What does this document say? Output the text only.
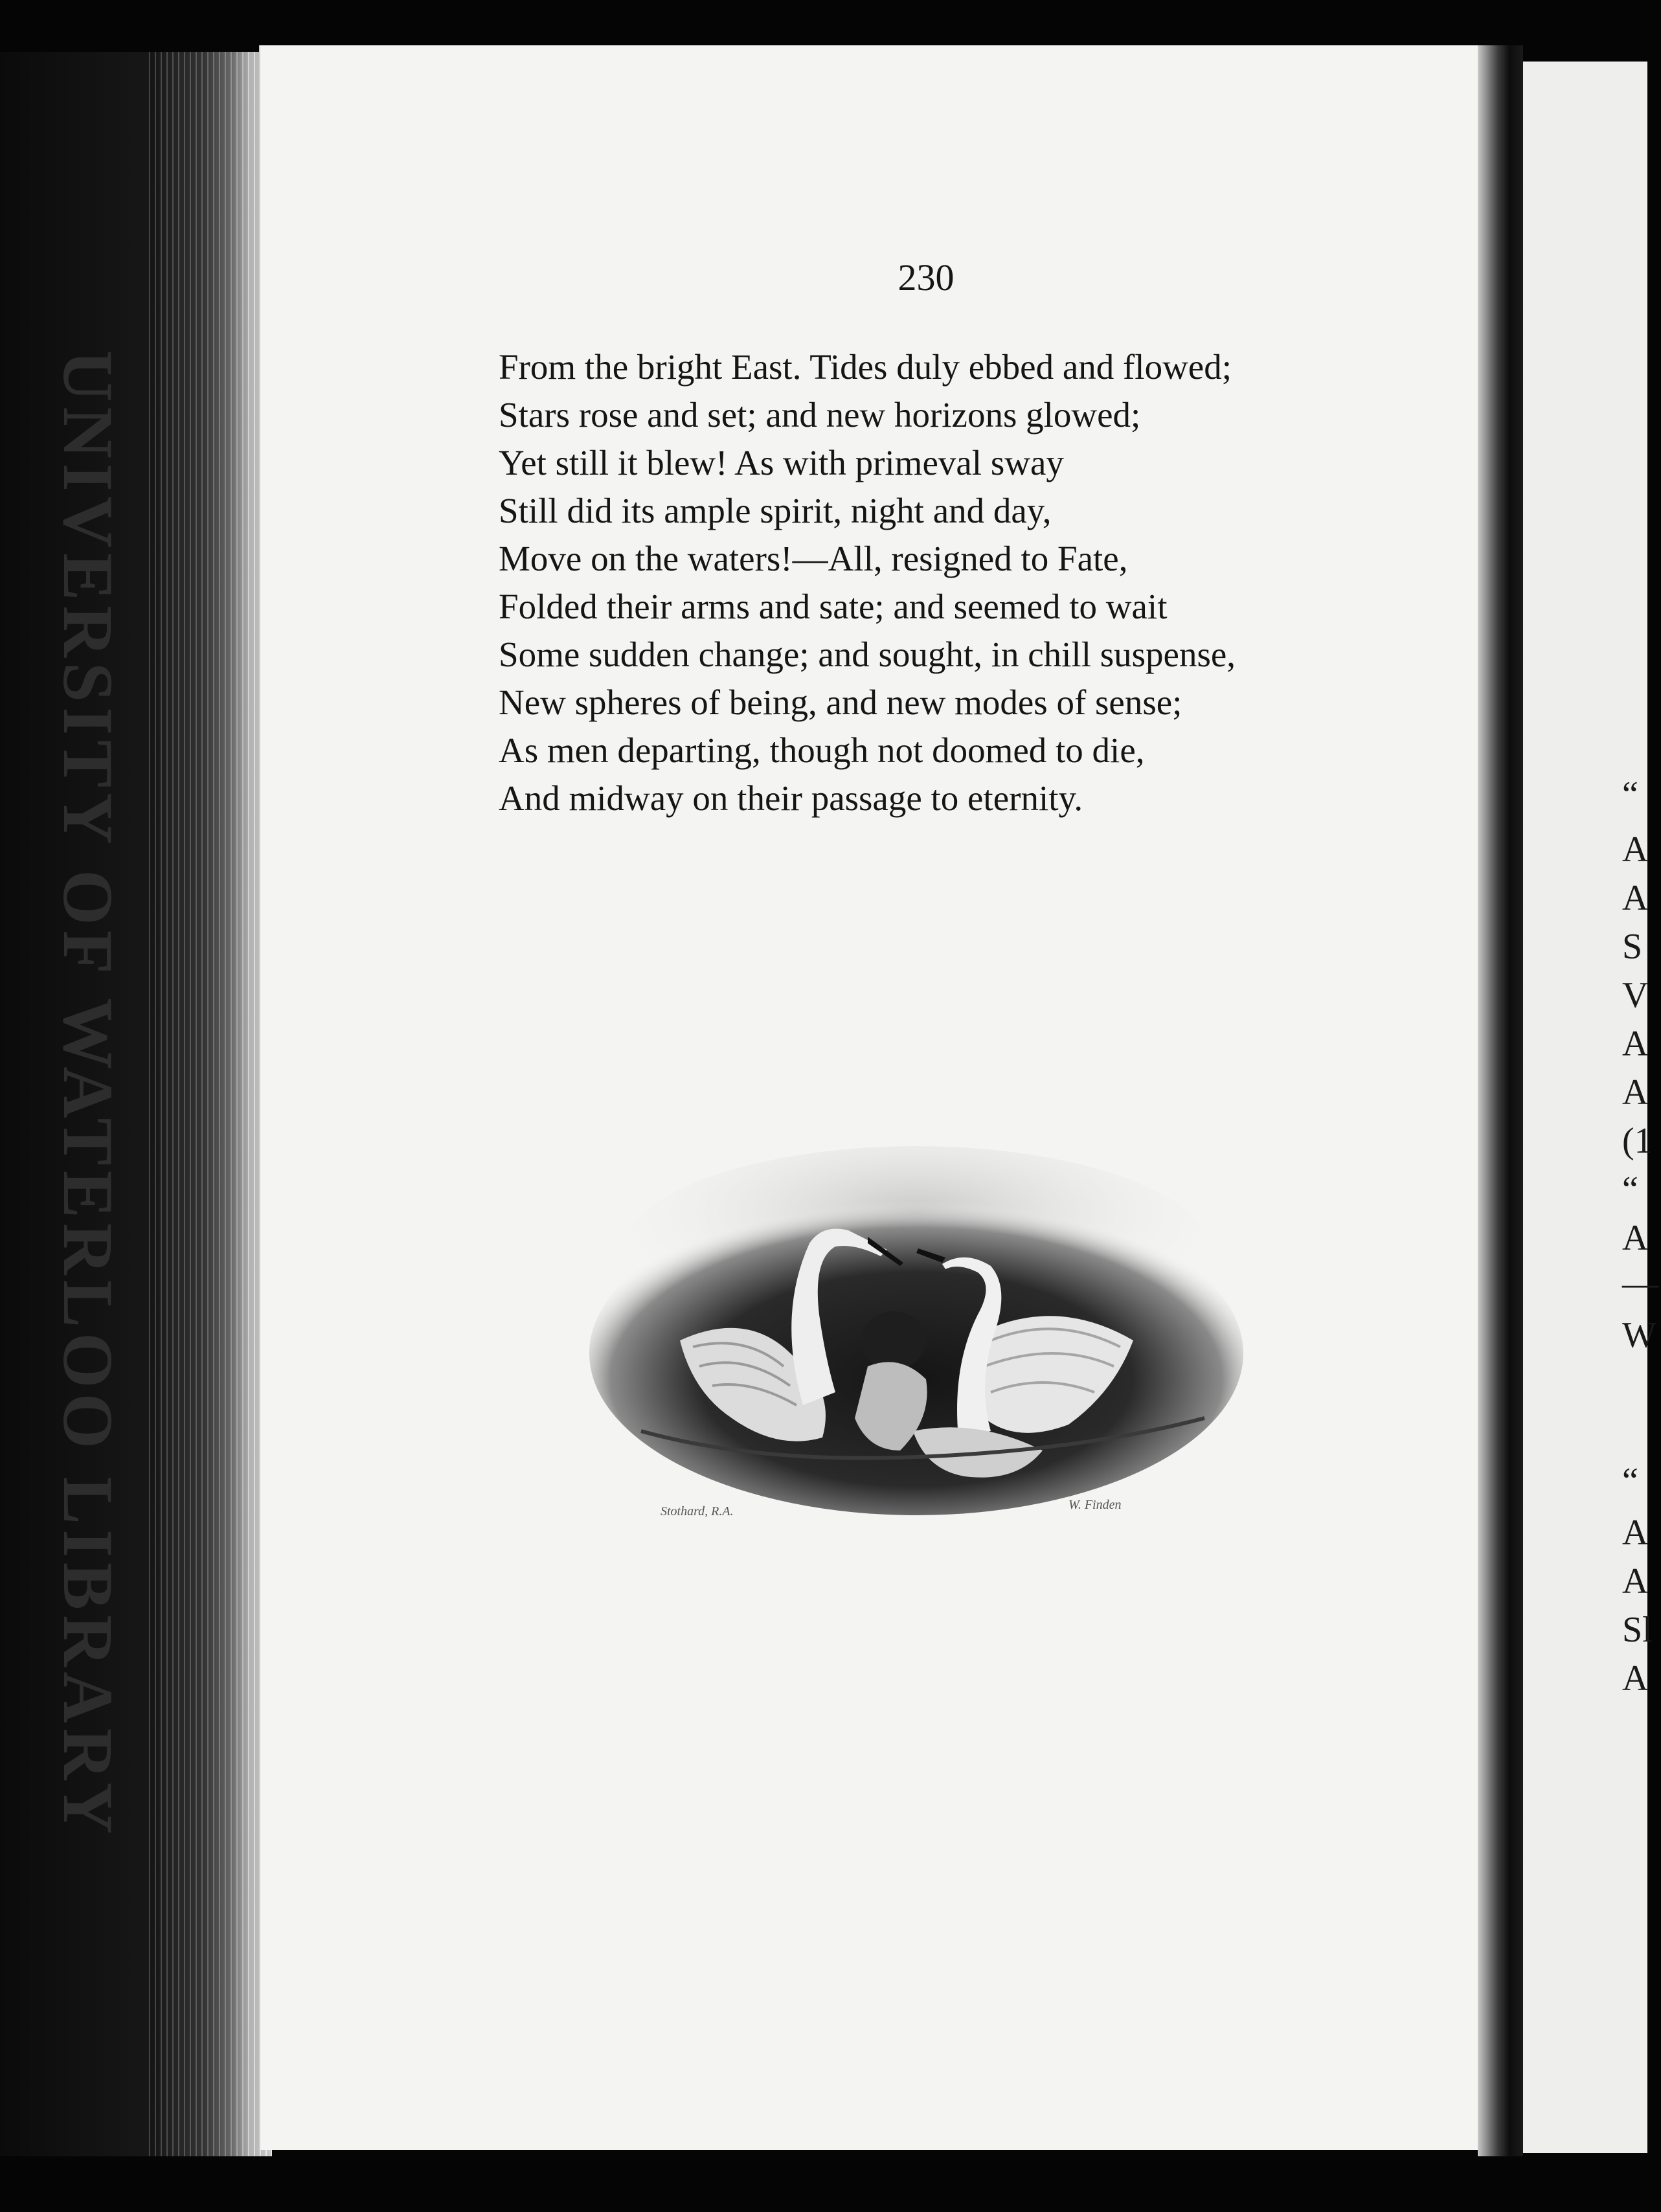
UNIVERSITY OF WATERLOO LIBRARY
230
From the bright East. Tides duly ebbed and flowed;
Stars rose and set; and new horizons glowed;
Yet still it blew! As with primeval sway
Still did its ample spirit, night and day,
Move on the waters!—All, resigned to Fate,
Folded their arms and sate; and seemed to wait
Some sudden change; and sought, in chill suspense,
New spheres of being, and new modes of sense;
As men departing, though not doomed to die,
And midway on their passage to eternity.
Stothard, R.A.	W. Finden
“
A
A
S
V
A
A
(1
“
A
—
W
“
A
A
Sl
A
